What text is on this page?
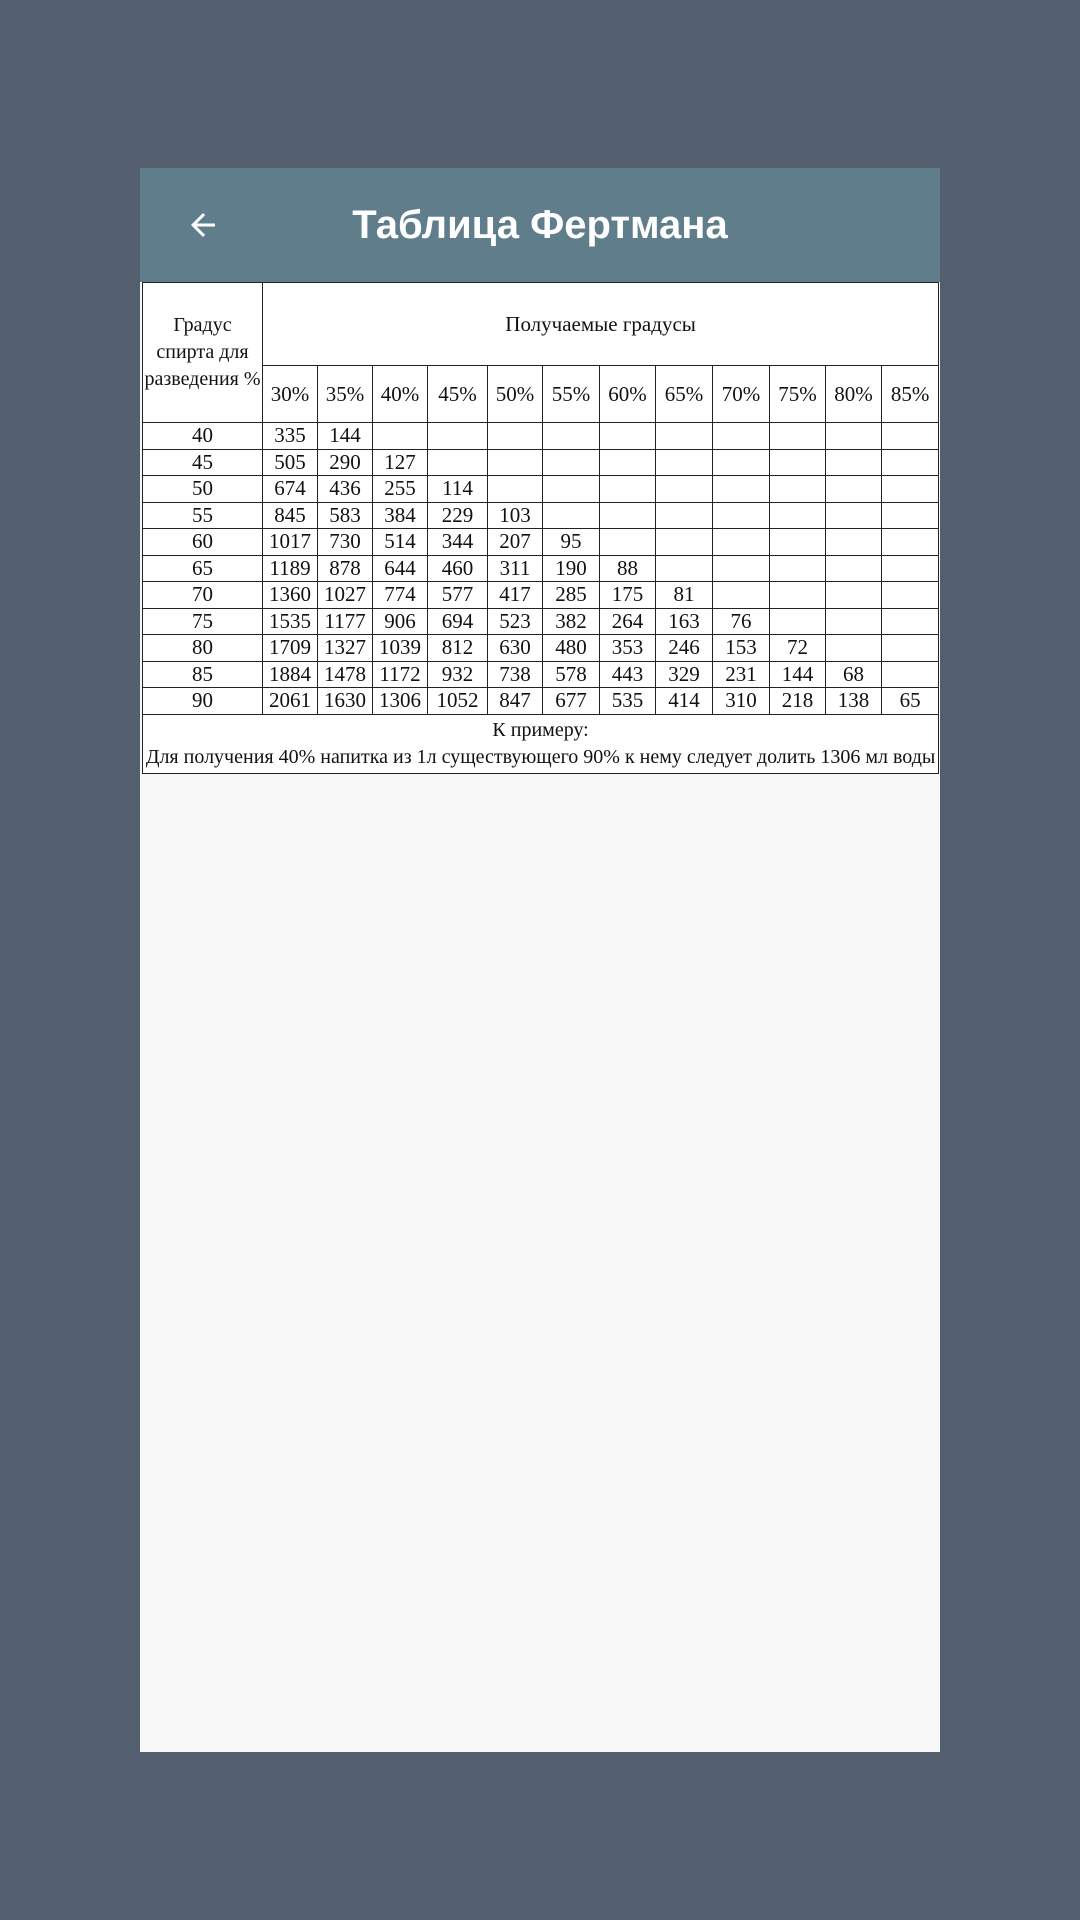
Таблица Фертмана
Градус спирта для разведения %	Получаемые градусы											
	30%	35%	40%	45%	50%	55%	60%	65%	70%	75%	80%	85%
40	335	144										
45	505	290	127									
50	674	436	255	114								
55	845	583	384	229	103							
60	1017	730	514	344	207	95						
65	1189	878	644	460	311	190	88					
70	1360	1027	774	577	417	285	175	81				
75	1535	1177	906	694	523	382	264	163	76			
80	1709	1327	1039	812	630	480	353	246	153	72		
85	1884	1478	1172	932	738	578	443	329	231	144	68	
90	2061	1630	1306	1052	847	677	535	414	310	218	138	65

К примеру:
Для получения 40% напитка из 1л существующего 90% к нему следует долить 1306 мл воды												
